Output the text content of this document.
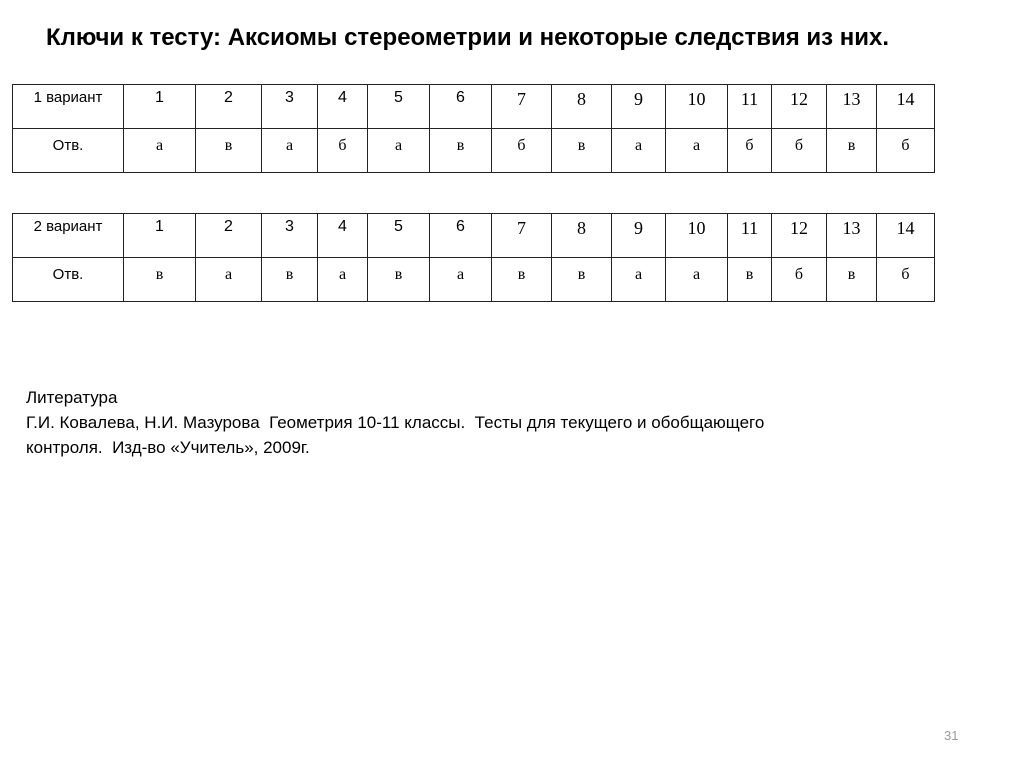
Ключи к тесту: Аксиомы стереометрии и некоторые следствия из них.
1 вариант	1	2	3	4	5	6	7	8	9	10	11	12	13	14
Отв.	а	в	а	б	а	в	б	в	а	а	б	б	в	б
2 вариант	1	2	3	4	5	6	7	8	9	10	11	12	13	14
Отв.	в	а	в	а	в	а	в	в	а	а	в	б	в	б
Литература
Г.И. Ковалева, Н.И. Мазурова  Геометрия 10-11 классы.  Тесты для текущего и обобщающего
контроля.  Изд-во «Учитель», 2009г.
31
